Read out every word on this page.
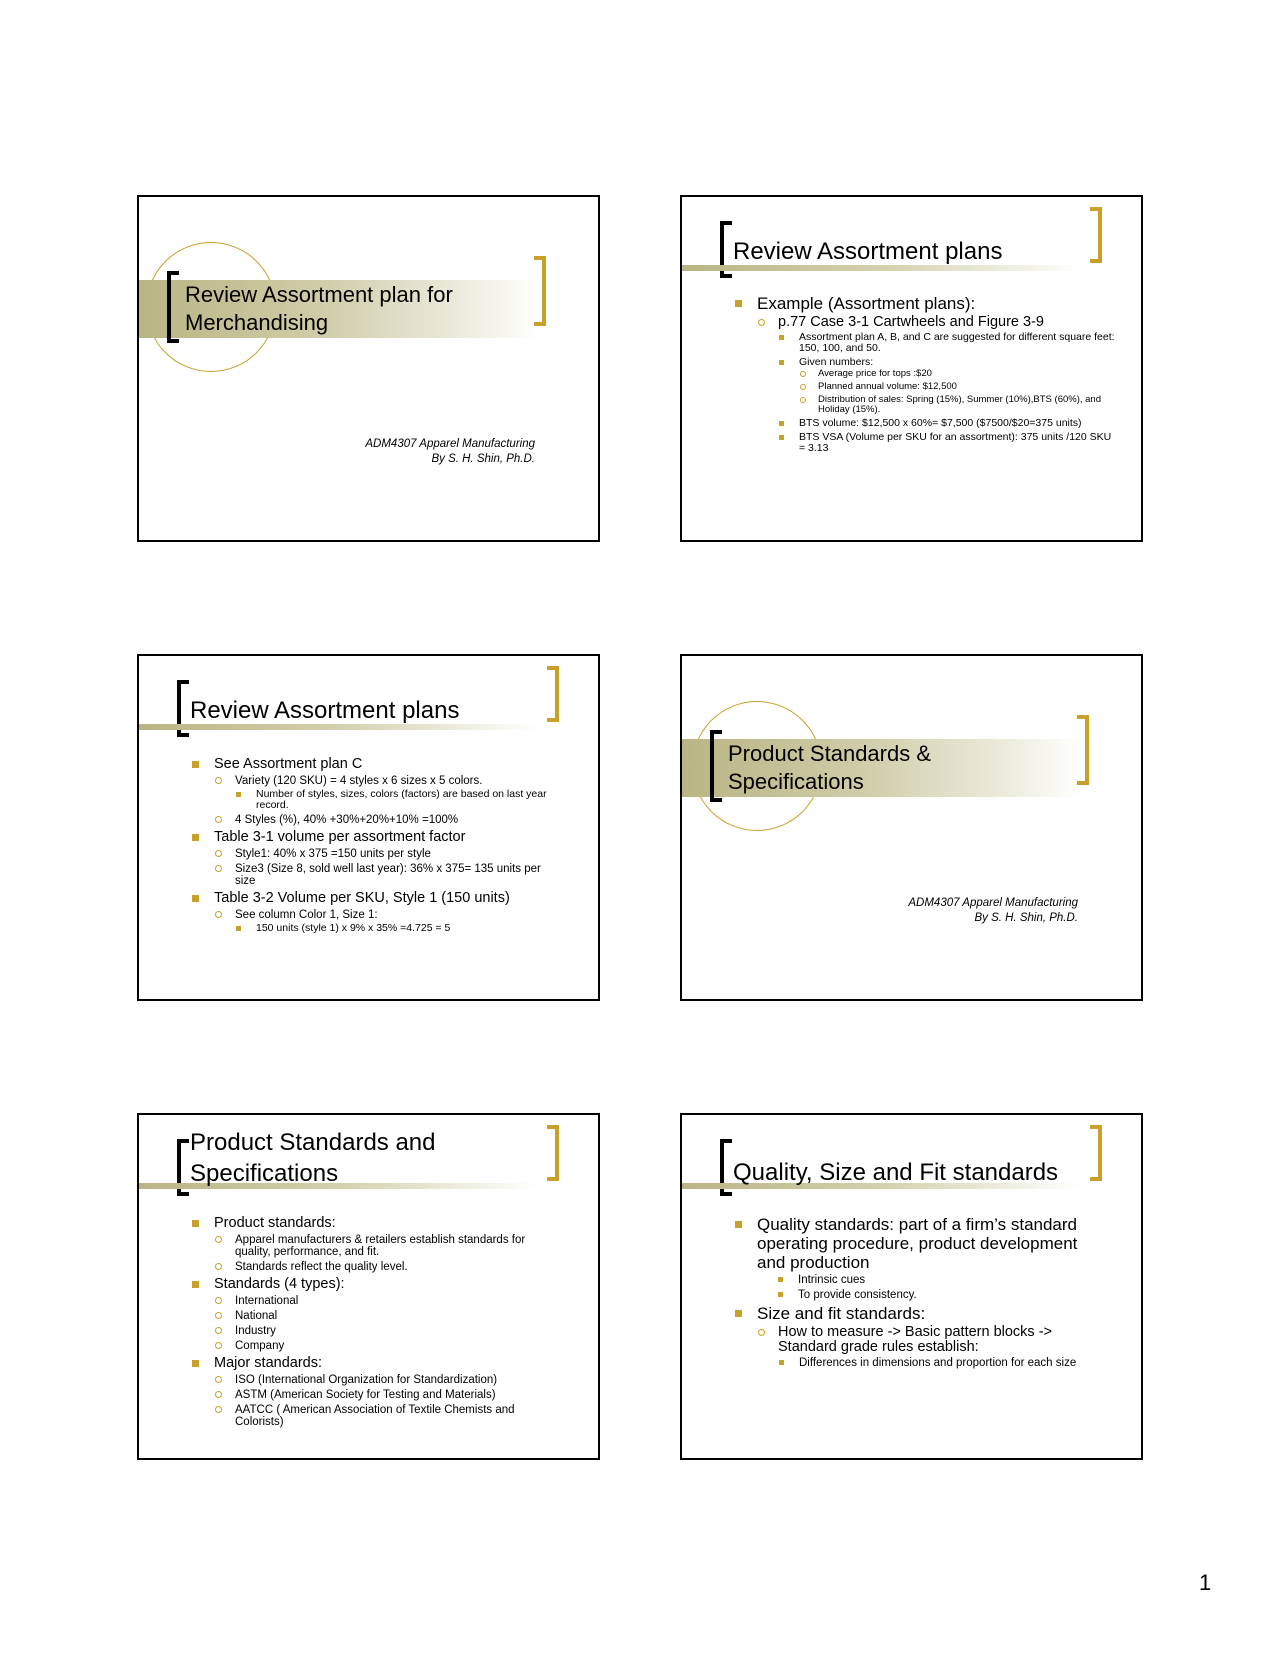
Review Assortment plan for
Merchandising
ADM4307 Apparel Manufacturing
By S. H. Shin, Ph.D.
Review Assortment plans
Example (Assortment plans):
p.77 Case 3-1 Cartwheels and Figure 3-9
Assortment plan A, B, and C are suggested for different square feet: 150, 100, and 50.
Given numbers:
Average price for tops :$20
Planned annual volume: $12,500
Distribution of sales: Spring (15%), Summer (10%),BTS (60%), and Holiday (15%).
BTS volume: $12,500 x 60%= $7,500 ($7500/$20=375 units)
BTS VSA (Volume per SKU for an assortment): 375 units /120 SKU = 3.13
Review Assortment plans
See Assortment plan C
Variety (120 SKU) = 4 styles x 6 sizes x 5 colors.
Number of styles, sizes, colors (factors) are based on last year record.
4 Styles (%), 40% +30%+20%+10% =100%
Table 3-1 volume per assortment factor
Style1: 40% x 375 =150 units per style
Size3 (Size 8, sold well last year): 36% x 375= 135 units per size
Table 3-2 Volume per SKU, Style 1 (150 units)
See column Color 1, Size 1:
150 units (style 1) x 9% x 35% =4.725 = 5
Product Standards &
Specifications
ADM4307 Apparel Manufacturing
By S. H. Shin, Ph.D.
Product Standards and
Specifications
Product standards:
Apparel manufacturers & retailers establish standards for quality, performance, and fit.
Standards reflect the quality level.
Standards (4 types):
International
National
Industry
Company
Major standards:
ISO (International Organization for Standardization)
ASTM (American Society for Testing and Materials)
AATCC ( American Association of Textile Chemists and Colorists)
Quality, Size and Fit standards
Quality standards: part of a firm’s standard operating procedure, product development and production
Intrinsic cues
To provide consistency.
Size and fit standards:
How to measure -> Basic pattern blocks -> Standard grade rules establish:
Differences in dimensions and proportion for each size
1
